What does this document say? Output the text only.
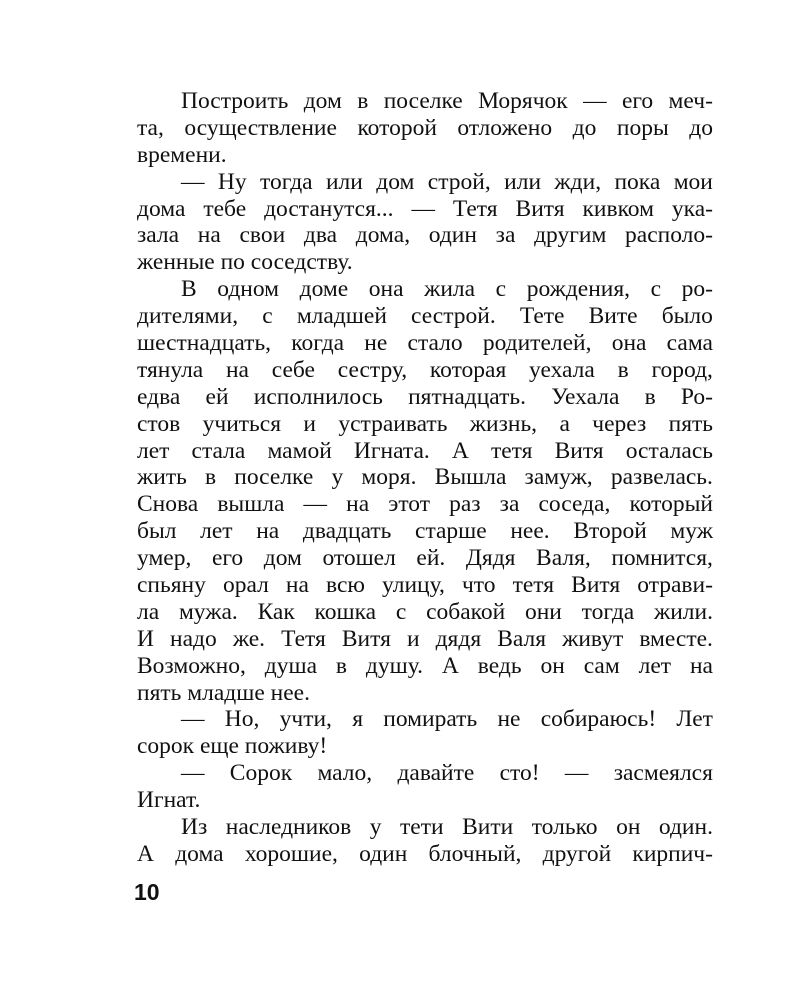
Построить дом в поселке Морячок — его меч-
та, осуществление которой отложено до поры до
времени.
— Ну тогда или дом строй, или жди, пока мои
дома тебе достанутся... — Тетя Витя кивком ука-
зала на свои два дома, один за другим располо-
женные по соседству.
В одном доме она жила с рождения, с ро-
дителями, с младшей сестрой. Тете Вите было
шестнадцать, когда не стало родителей, она сама
тянула на себе сестру, которая уехала в город,
едва ей исполнилось пятнадцать. Уехала в Ро-
стов учиться и устраивать жизнь, а через пять
лет стала мамой Игната. А тетя Витя осталась
жить в поселке у моря. Вышла замуж, развелась.
Снова вышла — на этот раз за соседа, который
был лет на двадцать старше нее. Второй муж
умер, его дом отошел ей. Дядя Валя, помнится,
спьяну орал на всю улицу, что тетя Витя отрави-
ла мужа. Как кошка с собакой они тогда жили.
И надо же. Тетя Витя и дядя Валя живут вместе.
Возможно, душа в душу. А ведь он сам лет на
пять младше нее.
— Но, учти, я помирать не собираюсь! Лет
сорок еще поживу!
— Сорок мало, давайте сто! — засмеялся
Игнат.
Из наследников у тети Вити только он один.
А дома хорошие, один блочный, другой кирпич-
10
